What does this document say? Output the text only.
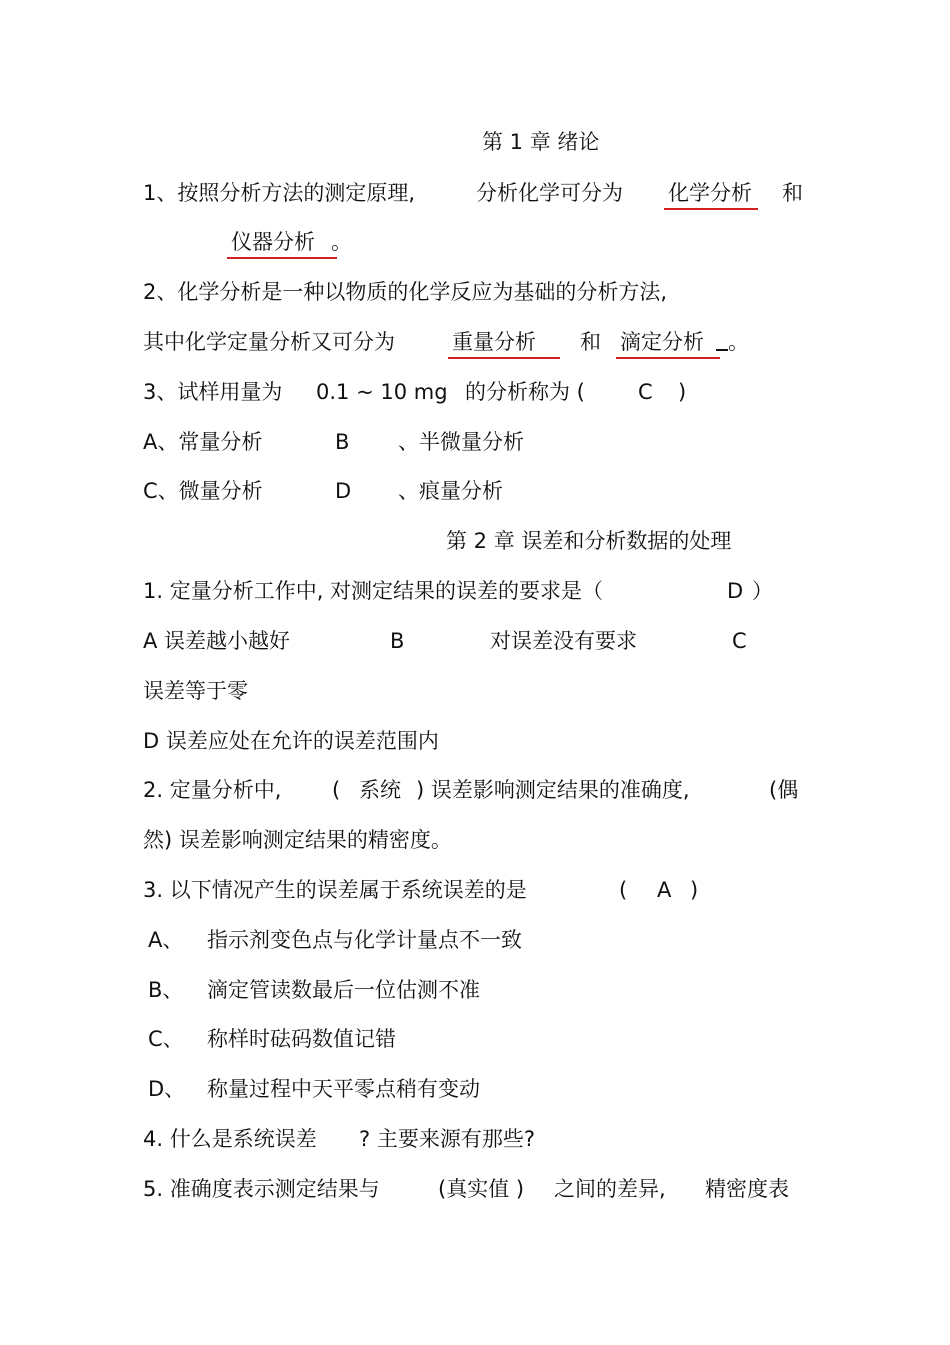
第 1 章 绪论
1、按照分析方法的测定原理,	分析化学可分为 化学分析 和
仪器分析 。
2、化学分析是一种以物质的化学反应为基础的分析方法,
其中化学定量分析又可分为	重量分析	和 滴定分析 。
3、试样用量为 0.1 ~ 10 mg 的分析称为 (	C )
A、常量分析	B 、半微量分析
C、微量分析	D 、痕量分析
第 2 章 误差和分析数据的处理
1. 定量分析工作中, 对测定结果的误差的要求是（	D ）
A 误差越小越好	B	对误差没有要求	C
误差等于零
D 误差应处在允许的误差范围内
2. 定量分析中, ( 系统 ) 误差影响测定结果的准确度,	(偶
然) 误差影响测定结果的精密度。
3. 以下情况产生的误差属于系统误差的是	( A )
A、 指示剂变色点与化学计量点不一致
B、 滴定管读数最后一位估测不准
C、 称样时砝码数值记错
D、 称量过程中天平零点稍有变动
4. 什么是系统误差 ? 主要来源有那些?
5. 准确度表示测定结果与	(真实值 ) 之间的差异, 精密度表
